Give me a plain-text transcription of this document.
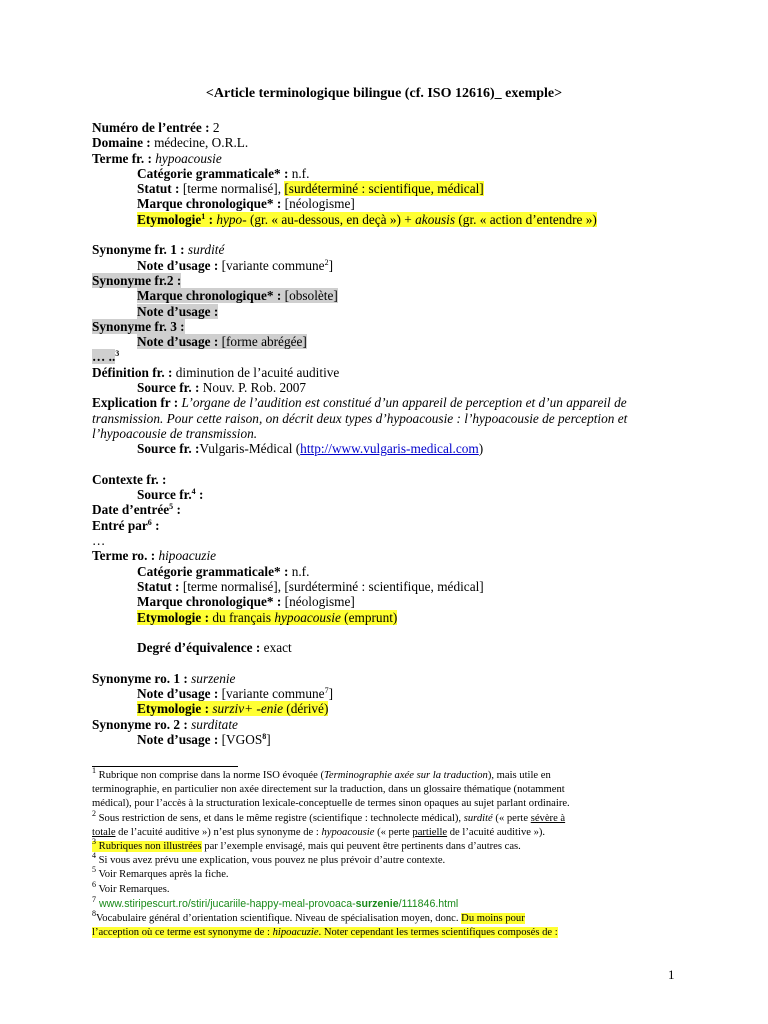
<Article terminologique bilingue (cf. ISO 12616)_ exemple>
Numéro de l’entrée : 2
Domaine : médecine, O.R.L.
Terme fr. : hypoacousie
Catégorie grammaticale* : n.f.
Statut : [terme normalisé], [surdéterminé : scientifique, médical]
Marque chronologique* : [néologisme]
Etymologie$^1$ : hypo- (gr. « au-dessous, en deçà ») + akousis (gr. « action d’entendre »)
Synonyme fr. 1 : surdité
Note d’usage : [variante commune$^2$]
Synonyme fr.2 :
Marque chronologique* : [obsolète]
Note d’usage :
Synonyme fr. 3 :
Note d’usage : [forme abrégée]
… ..$^3$
Définition fr. : diminution de l’acuité auditive
Source fr. : Nouv. P. Rob. 2007
Explication fr : L’organe de l’audition est constitué d’un appareil de perception et d’un appareil de transmission. Pour cette raison, on décrit deux types d’hypoacousie : l’hypoacousie de perception et l’hypoacousie de transmission.
Source fr. :Vulgaris-Médical (http://www.vulgaris-medical.com)
Contexte fr. :
Source fr.$^4$ :
Date d’entrée$^5$ :
Entré par$^6$ :
…
Terme ro. : hipoacuzie
Catégorie grammaticale* : n.f.
Statut : [terme normalisé], [surdéterminé : scientifique, médical]
Marque chronologique* : [néologisme]
Etymologie : du français hypoacousie (emprunt)
Degré d’équivalence : exact
Synonyme ro. 1 : surzenie
Note d’usage : [variante commune$^7$]
Etymologie : surziv+ -enie (dérivé)
Synonyme ro. 2 : surditate
Note d’usage : [VGOS$^8$]
$^1$ Rubrique non comprise dans la norme ISO évoquée (Terminographie axée sur la traduction), mais utile en
terminographie, en particulier non axée directement sur la traduction, dans un glossaire thématique (notamment
médical), pour l’accès à la structuration lexicale-conceptuelle de termes sinon opaques au sujet parlant ordinaire.
$^2$ Sous restriction de sens, et dans le même registre (scientifique : technolecte médical), surdité (« perte sévère à
totale de l’acuité auditive ») n’est plus synonyme de : hypoacousie (« perte partielle de l’acuité auditive »).
$^3$ Rubriques non illustrées par l’exemple envisagé, mais qui peuvent être pertinents dans d’autres cas.
$^4$ Si vous avez prévu une explication, vous pouvez ne plus prévoir d’autre contexte.
$^5$ Voir Remarques après la fiche.
$^6$ Voir Remarques.
$^7$ www.stiripescurt.ro/stiri/jucariile-happy-meal-provoaca-surzenie/111846.html
$^8$Vocabulaire général d’orientation scientifique. Niveau de spécialisation moyen, donc. Du moins pour
l’acception où ce terme est synonyme de : hipoacuzie. Noter cependant les termes scientifiques composés de :
1
